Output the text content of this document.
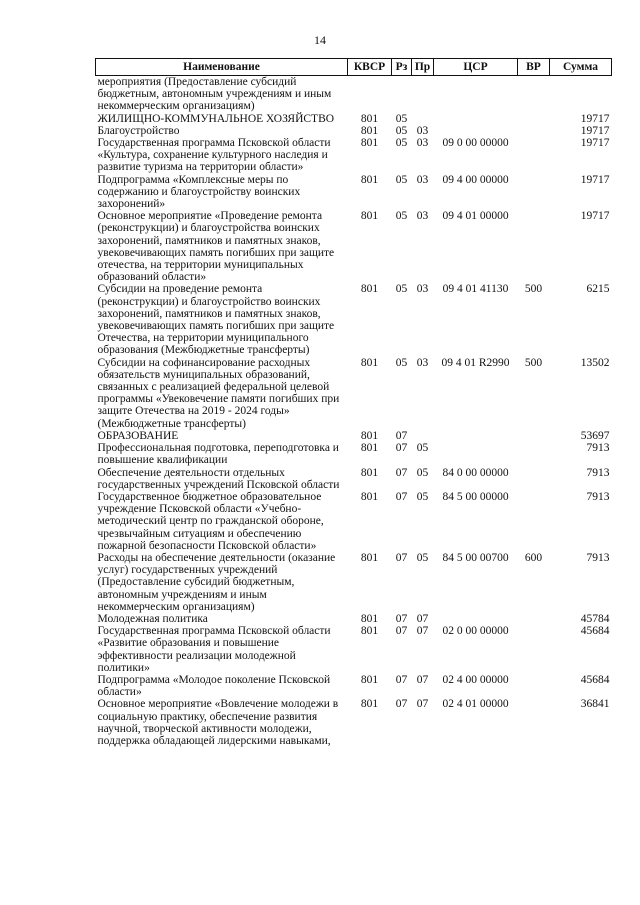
14
Наименование	КВСР	Рз	Пр	ЦСР	ВР	Сумма
мероприятия (Предоставление субсидий бюджетным, автономным учреждениям и иным некоммерческим организациям)						
ЖИЛИЩНО-КОММУНАЛЬНОЕ ХОЗЯЙСТВО	801	05				19717
Благоустройство	801	05	03			19717
Государственная программа Псковской области «Культура, сохранение культурного наследия и развитие туризма на территории области»	801	05	03	09 0 00 00000		19717
Подпрограмма «Комплексные меры по содержанию и благоустройству воинских захоронений»	801	05	03	09 4 00 00000		19717
Основное мероприятие «Проведение ремонта (реконструкции) и благоустройства воинских захоронений, памятников и памятных знаков, увековечивающих память погибших при защите отечества, на территории муниципальных образований области»	801	05	03	09 4 01 00000		19717
Субсидии на проведение ремонта (реконструкции) и благоустройство воинских захоронений, памятников и памятных знаков, увековечивающих память погибших при защите Отечества, на территории муниципального образования (Межбюджетные трансферты)	801	05	03	09 4 01 41130	500	6215
Субсидии на софинансирование расходных обязательств муниципальных образований, связанных с реализацией федеральной целевой программы «Увековечение памяти погибших при защите Отечества на 2019 - 2024 годы» (Межбюджетные трансферты)	801	05	03	09 4 01 R2990	500	13502
ОБРАЗОВАНИЕ	801	07				53697
Профессиональная подготовка, переподготовка и повышение квалификации	801	07	05			7913
Обеспечение деятельности отдельных государственных учреждений Псковской области	801	07	05	84 0 00 00000		7913
Государственное бюджетное образовательное учреждение Псковской области «Учебно-методический центр по гражданской обороне, чрезвычайным ситуациям и обеспечению пожарной безопасности Псковской области»	801	07	05	84 5 00 00000		7913
Расходы на обеспечение деятельности (оказание услуг) государственных учреждений (Предоставление субсидий бюджетным, автономным учреждениям и иным некоммерческим организациям)	801	07	05	84 5 00 00700	600	7913
Молодежная политика	801	07	07			45784
Государственная программа Псковской области «Развитие образования и повышение эффективности реализации молодежной политики»	801	07	07	02 0 00 00000		45684
Подпрограмма «Молодое поколение Псковской области»	801	07	07	02 4 00 00000		45684
Основное мероприятие «Вовлечение молодежи в социальную практику, обеспечение развития научной, творческой активности молодежи, поддержка обладающей лидерскими навыками,	801	07	07	02 4 01 00000		36841
